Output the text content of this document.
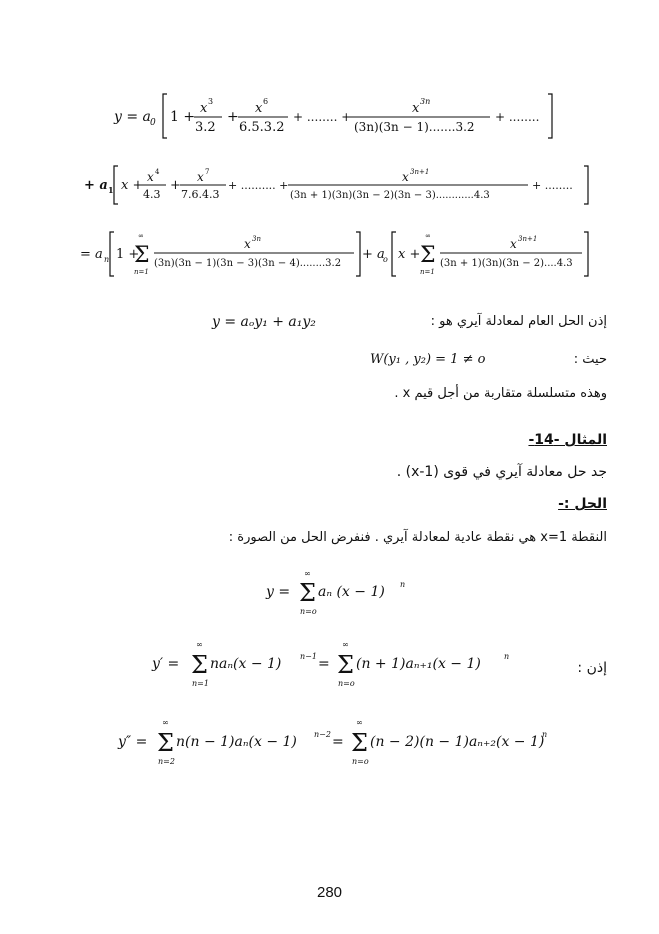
y = a 0 1 +
x 3
3.2
+
x 6
6.5.3.2
+ ........ +
x 3n
(3n)(3n − 1).......3.2
+ ........
+ a 1 x +
x 4
4.3
+
x 7
7.6.4.3
+ .......... +
x 3n+1
(3n + 1)(3n)(3n − 2)(3n − 3)............4.3
+ ........
= a n 1 +
∞
Σ
n=1
x 3n
(3n)(3n − 1)(3n − 3)(3n − 4)........3.2
+ a
o x +
∞
Σ
n=1
x 3n+1
(3n + 1)(3n)(3n − 2)....4.3
إذن الحل العام لمعادلة آيري هو :
y = aₒy₁ + a₁y₂
حيث :
W(y₁ , y₂) = 1 ≠ o
وهذه متسلسلة متقاربة من أجل قيم x .
المثال -14-
جد حل معادلة آيري في قوى (x-1) .
الحل :-
النقطة x=1 هي نقطة عادية لمعادلة آيري . فنفرض الحل من الصورة :
y =
∞
Σ
n=o
aₙ (x − 1) n
إذن :
y′ =
∞
Σ
n=1
naₙ(x − 1) n−1 =
∞
Σ
n=o
(n + 1)aₙ₊₁(x − 1)	n
y″ =
∞
Σ
n=2
n(n − 1)aₙ(x − 1) n−2 =
∞
Σ
n=o
(n − 2)(n − 1)aₙ₊₂(x − 1)
n
280
